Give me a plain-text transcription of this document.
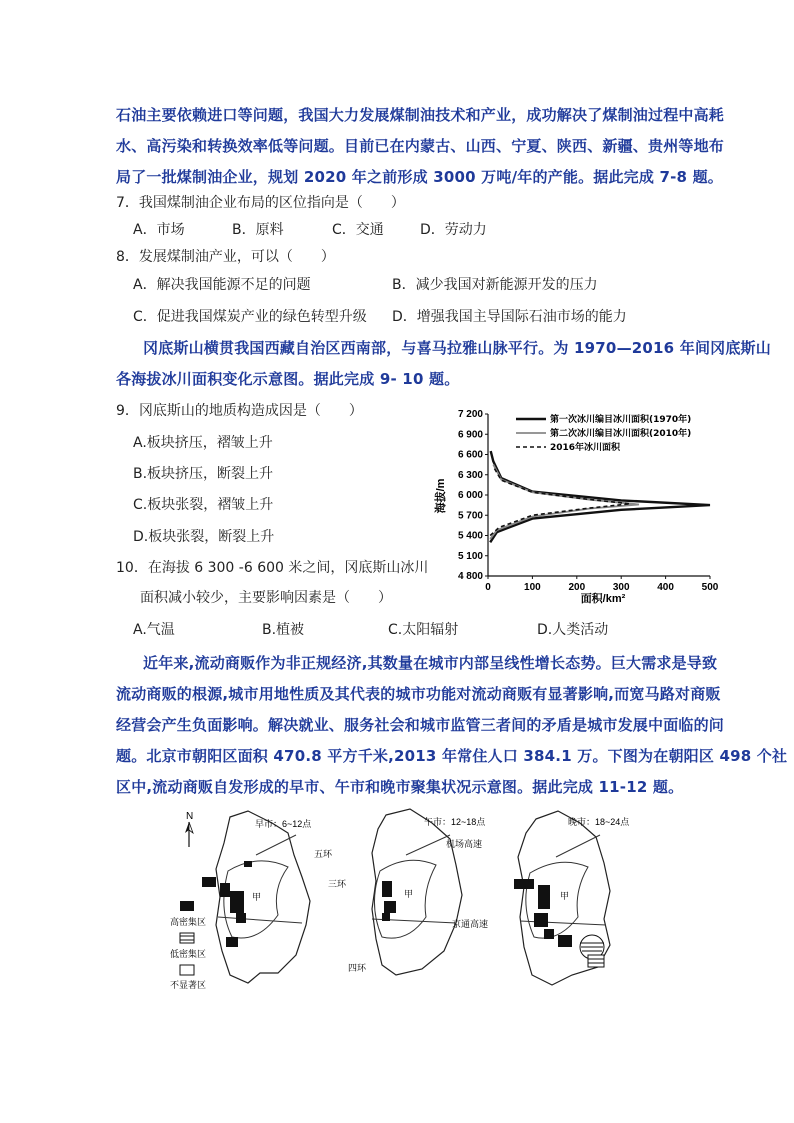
石油主要依赖进口等问题，我国大力发展煤制油技术和产业，成功解决了煤制油过程中高耗
水、高污染和转换效率低等问题。目前已在内蒙古、山西、宁夏、陕西、新疆、贵州等地布
局了一批煤制油企业，规划 2020 年之前形成 3000 万吨/年的产能。据此完成 7-8 题。
7．我国煤制油企业布局的区位指向是（　　）
A．市场	B．原料	C．交通	D．劳动力
8．发展煤制油产业，可以（　　）
A．解决我国能源不足的问题	B．减少我国对新能源开发的压力
C．促进我国煤炭产业的绿色转型升级 D．增强我国主导国际石油市场的能力
冈底斯山横贯我国西藏自治区西南部，与喜马拉雅山脉平行。为 1970—2016 年间冈底斯山
各海拔冰川面积变化示意图。据此完成 9- 10 题。
9．冈底斯山的地质构造成因是（　　）
A.板块挤压，褶皱上升
B.板块挤压，断裂上升
C.板块张裂，褶皱上升
D.板块张裂，断裂上升
10．在海拔 6 300 -6 600 米之间，冈底斯山冰川
面积减小较少，主要影响因素是（　　）
A.气温	B.植被	C.太阳辐射	D.人类活动
4 800
5 100
5 400
5 700
6 000
6 300
6 600
6 900
7 200
0	100	200	300	400	500
海拔/m
面积/km²
第一次冰川编目冰川面积(1970年)
第二次冰川编目冰川面积(2010年)
2016年冰川面积
近年来,流动商贩作为非正规经济,其数量在城市内部呈线性增长态势。巨大需求是导致
流动商贩的根源,城市用地性质及其代表的城市功能对流动商贩有显著影响,而宽马路对商贩
经营会产生负面影响。解决就业、服务社会和城市监管三者间的矛盾是城市发展中面临的问
题。北京市朝阳区面积 470.8 平方千米,2013 年常住人口 384.1 万。下图为在朝阳区 498 个社
区中,流动商贩自发形成的早市、午市和晚市聚集状况示意图。据此完成 11-12 题。
N
早市：6~12点
甲
午市：12~18点
五环
机场高速
三环
甲
京通高速
四环
晚市：18~24点
甲
高密集区
低密集区
不显著区
